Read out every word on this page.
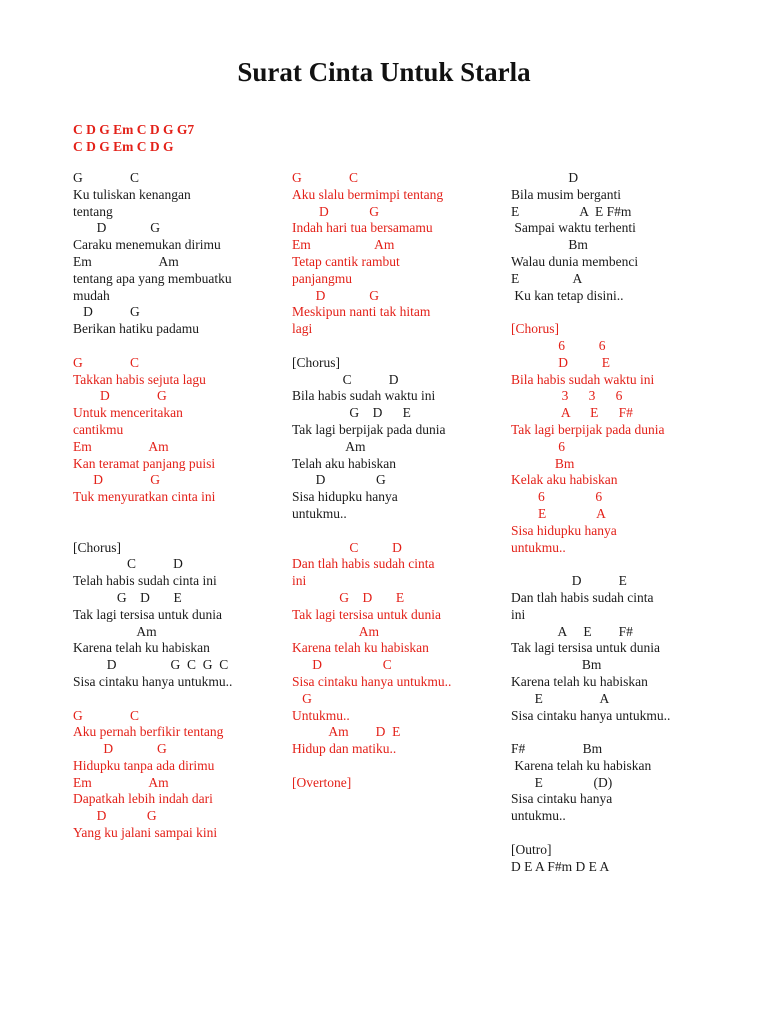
Surat Cinta Untuk Starla
C D G Em C D G G7
C D G Em C D G
G              C
Ku tuliskan kenangan
tentang
D             G
Caraku menemukan dirimu
Em                    Am
tentang apa yang membuatku
mudah
D           G
Berikan hatiku padamu
G              C
Takkan habis sejuta lagu
D              G
Untuk menceritakan
cantikmu
Em                 Am
Kan teramat panjang puisi
D              G
Tuk menyuratkan cinta ini
[Chorus]
C           D
Telah habis sudah cinta ini
G    D       E
Tak lagi tersisa untuk dunia
Am
Karena telah ku habiskan
D                G  C  G  C
Sisa cintaku hanya untukmu..
G              C
Aku pernah berfikir tentang
D             G
Hidupku tanpa ada dirimu
Em                 Am
Dapatkah lebih indah dari
D            G
Yang ku jalani sampai kini
G              C
Aku slalu bermimpi tentang
D            G
Indah hari tua bersamamu
Em                   Am
Tetap cantik rambut
panjangmu
D             G
Meskipun nanti tak hitam
lagi
[Chorus]
C           D
Bila habis sudah waktu ini
G    D      E
Tak lagi berpijak pada dunia
Am
Telah aku habiskan
D               G
Sisa hidupku hanya
untukmu..
C          D
Dan tlah habis sudah cinta
ini
G    D       E
Tak lagi tersisa untuk dunia
Am
Karena telah ku habiskan
D                  C
Sisa cintaku hanya untukmu..
G
Untukmu..
Am        D  E
Hidup dan matiku..
[Overtone]
D
Bila musim berganti
E                  A  E F#m
Sampai waktu terhenti
Bm
Walau dunia membenci
E                A
Ku kan tetap disini..
[Chorus]
6          6
D          E
Bila habis sudah waktu ini
3      3      6
A      E      F#
Tak lagi berpijak pada dunia
6
Bm
Kelak aku habiskan
6               6
E               A
Sisa hidupku hanya
untukmu..
D           E
Dan tlah habis sudah cinta
ini
A     E        F#
Tak lagi tersisa untuk dunia
Bm
Karena telah ku habiskan
E                 A
Sisa cintaku hanya untukmu..
F#                 Bm
Karena telah ku habiskan
E               (D)
Sisa cintaku hanya
untukmu..
[Outro]
D E A F#m D E A
